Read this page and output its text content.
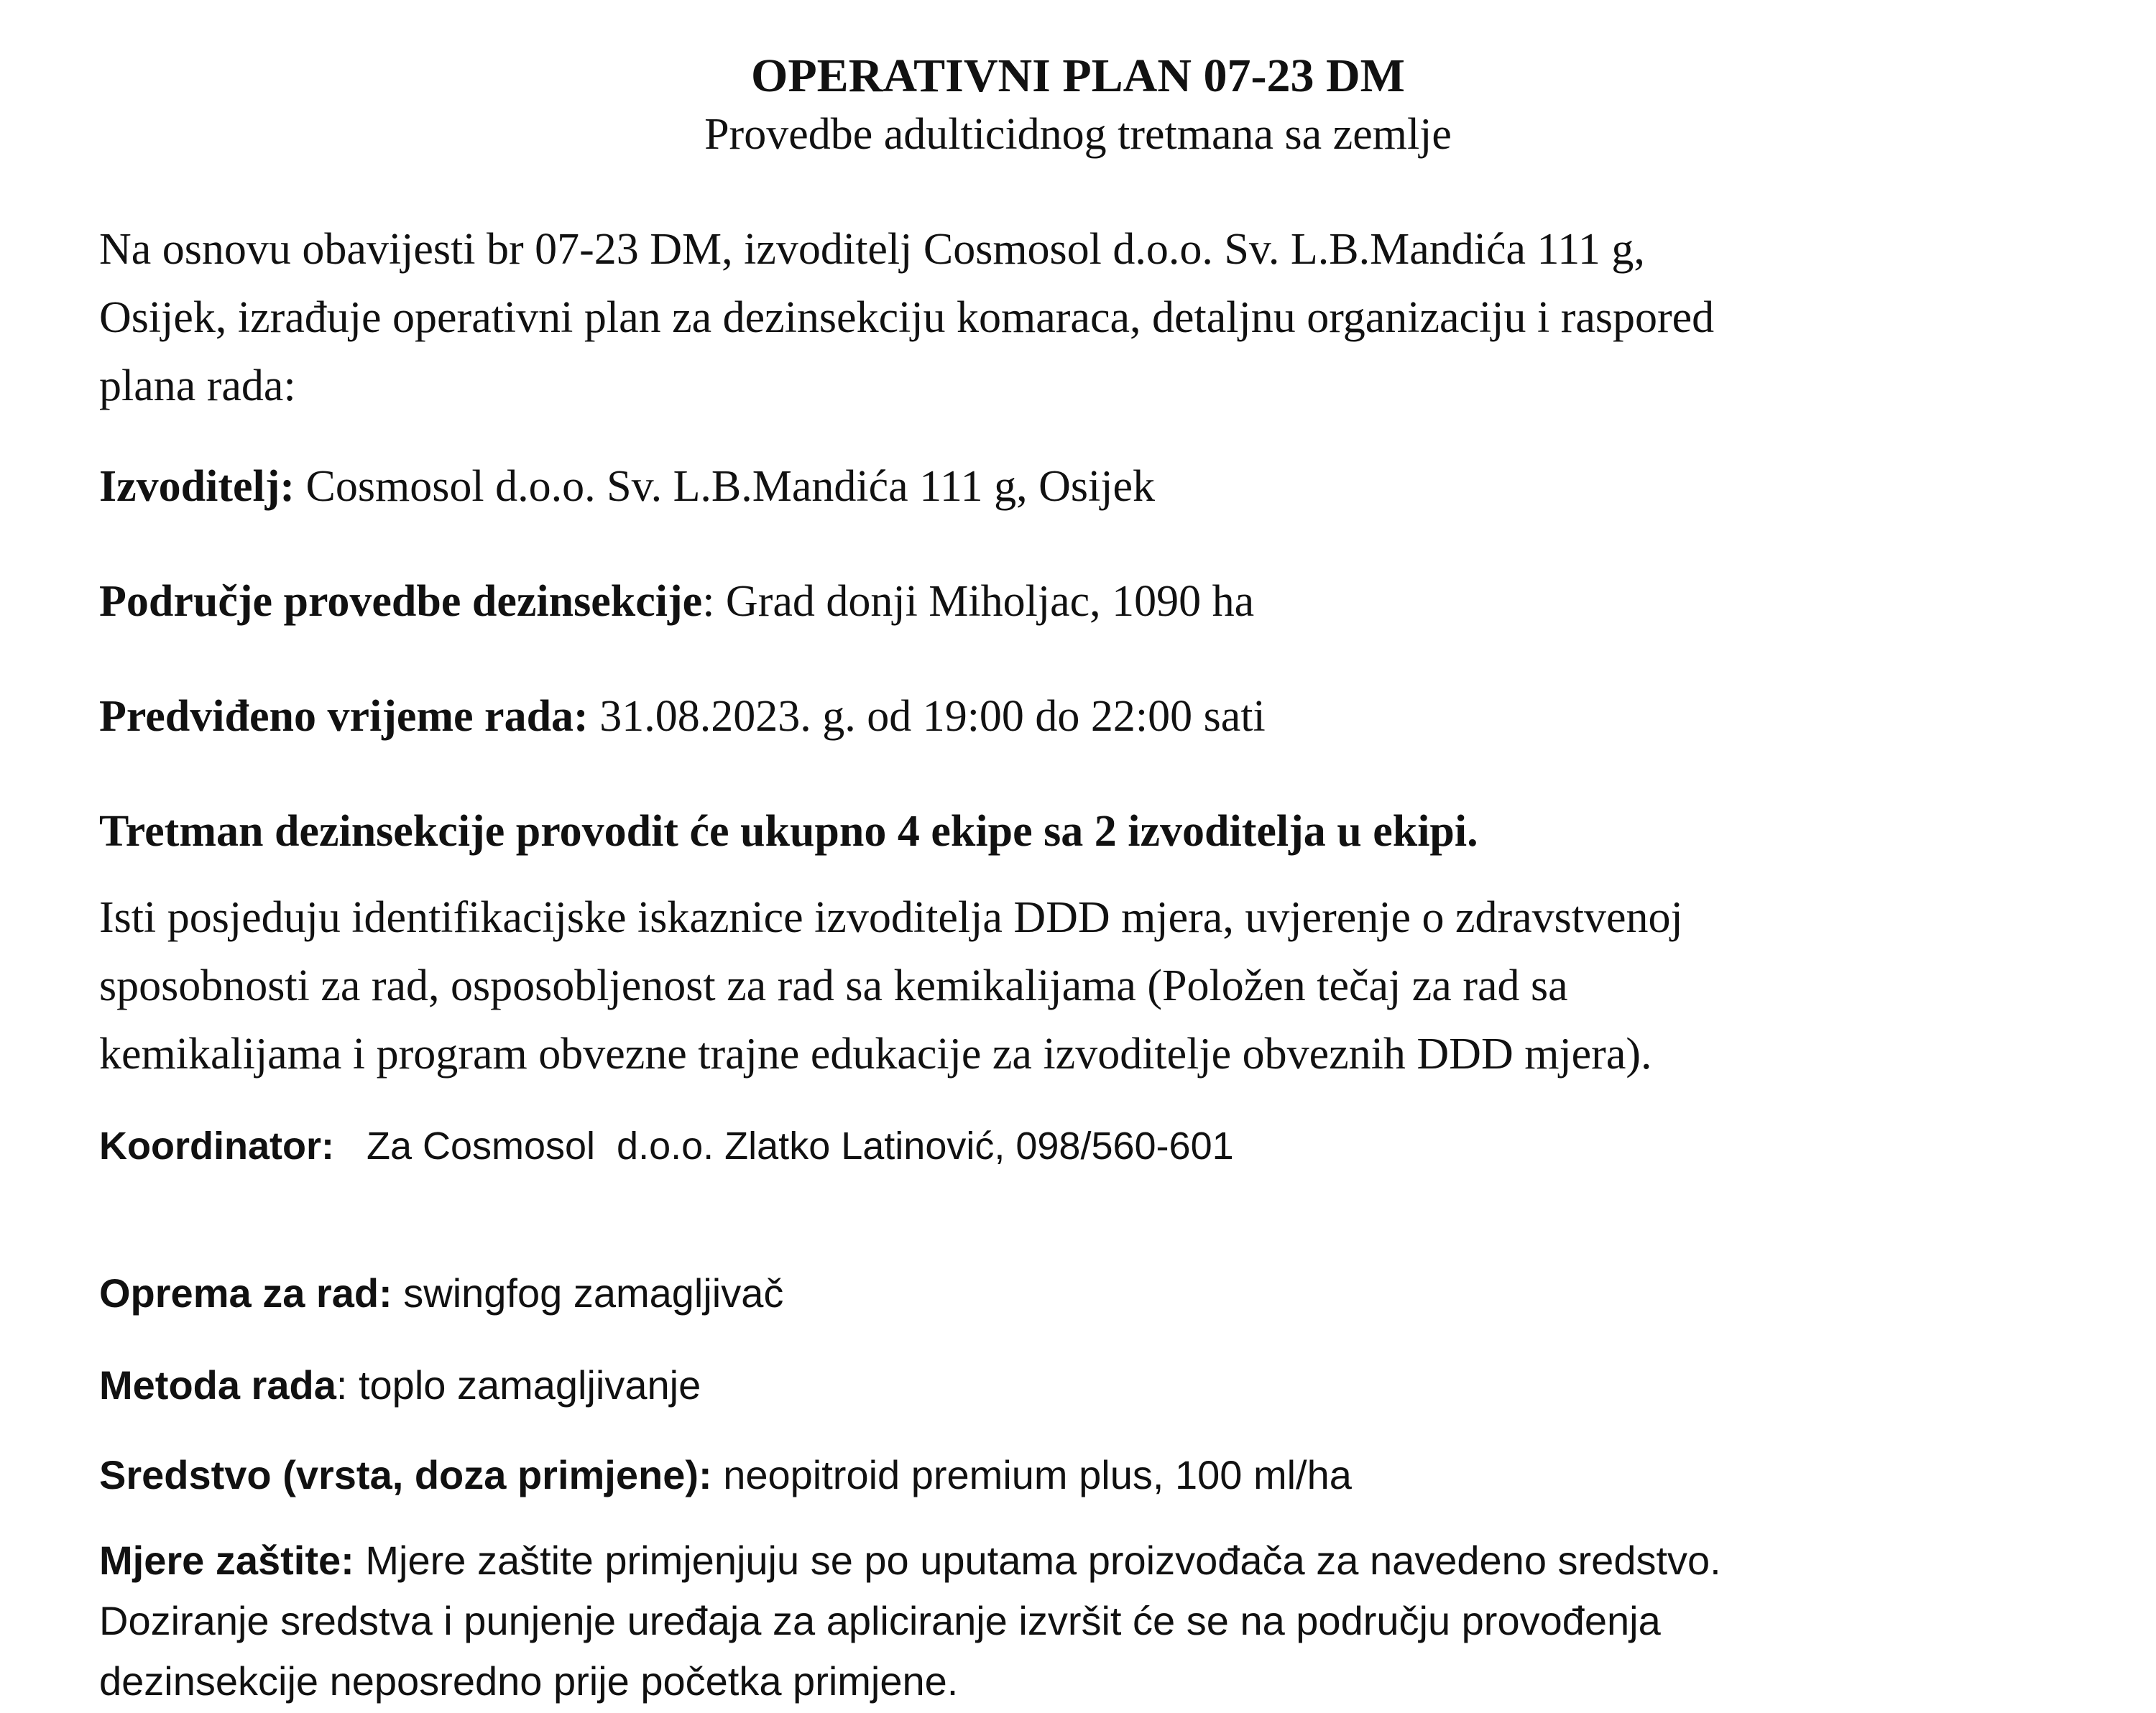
OPERATIVNI PLAN 07-23 DM

Provedbe adulticidnog tretmana sa zemlje

Na osnovu obavijesti br 07-23 DM, izvoditelj Cosmosol d.o.o. Sv. L.B.Mandića 111 g,
Osijek, izrađuje operativni plan za dezinsekciju komaraca, detaljnu organizaciju i raspored
plana rada:

Izvoditelj: Cosmosol d.o.o. Sv. L.B.Mandića 111 g, Osijek

Područje provedbe dezinsekcije: Grad donji Miholjac, 1090 ha

Predviđeno vrijeme rada: 31.08.2023. g. od 19:00 do 22:00 sati

Tretman dezinsekcije provodit će ukupno 4 ekipe sa 2 izvoditelja u ekipi.

Isti posjeduju identifikacijske iskaznice izvoditelja DDD mjera, uvjerenje o zdravstvenoj
sposobnosti za rad, osposobljenost za rad sa kemikalijama (Položen tečaj za rad sa
kemikalijama i program obvezne trajne edukacije za izvoditelje obveznih DDD mjera).

Koordinator:   Za Cosmosol  d.o.o. Zlatko Latinović, 098/560-601

Oprema za rad: swingfog zamagljivač

Metoda rada: toplo zamagljivanje

Sredstvo (vrsta, doza primjene): neopitroid premium plus, 100 ml/ha

Mjere zaštite: Mjere zaštite primjenjuju se po uputama proizvođača za navedeno sredstvo.
Doziranje sredstva i punjenje uređaja za apliciranje izvršit će se na području provođenja
dezinsekcije neposredno prije početka primjene.
